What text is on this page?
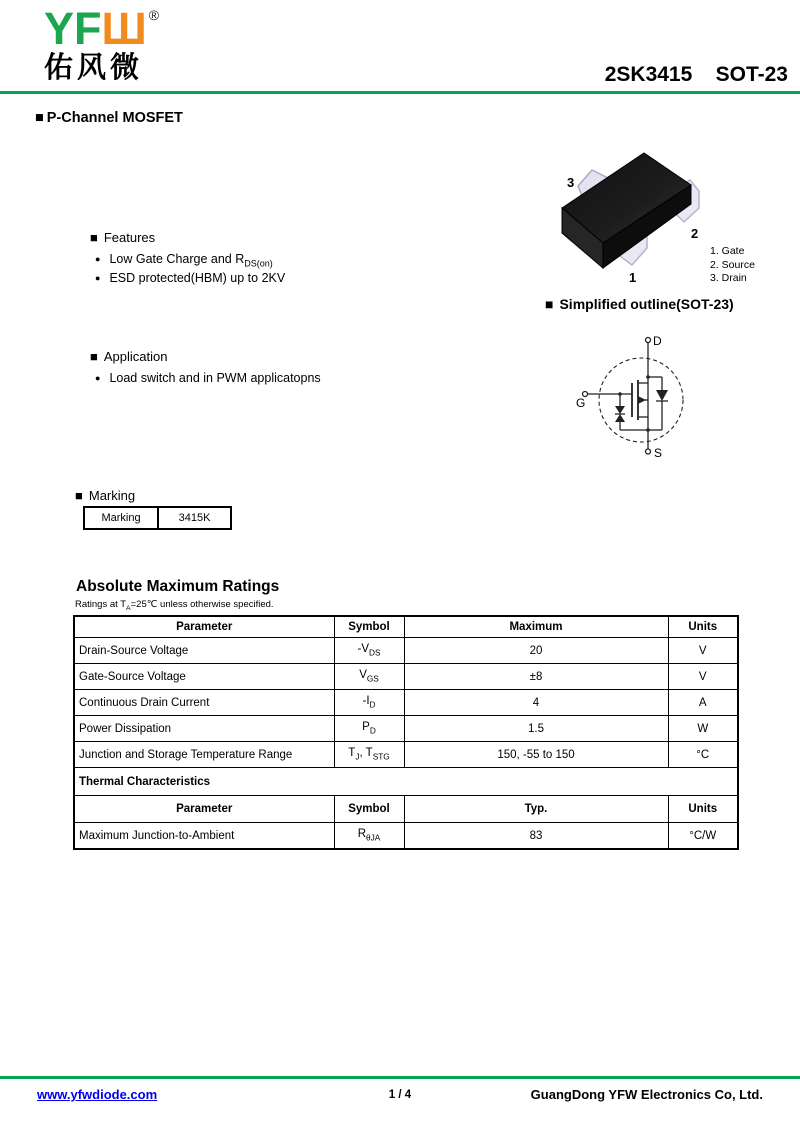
YFШ ®
佑风微	2SK3415    SOT-23
■ P-Channel MOSFET
3
2
1
1. Gate
2. Source
3. Drain
■ Simplified outline(SOT-23)
■ Features
● Low Gate Charge and $R_{DS(on)}$
● ESD protected(HBM) up to 2KV
■ Application
● Load switch and in PWM applicatopns
D
G
S
■ Marking
Marking	3415K
Absolute Maximum Ratings
Ratings at $T_A=25℃$ unless otherwise specified.
Parameter	Symbol	Maximum	Units
Drain-Source Voltage	$-V_{DS}$	20	V
Gate-Source Voltage	$V_{GS}$	±8	V
Continuous Drain Current	$-I_D$	4	A
Power Dissipation	$P_D$	1.5	W
Junction and Storage Temperature Range	$T_J$, $T_{STG}$	150, -55 to 150	°C
Thermal Characteristics			
Parameter	Symbol	Typ.	Units
Maximum Junction-to-Ambient	$R_{\theta JA}$	83	°C/W
www.yfwdiode.com	1 / 4	GuangDong YFW Electronics Co, Ltd.
